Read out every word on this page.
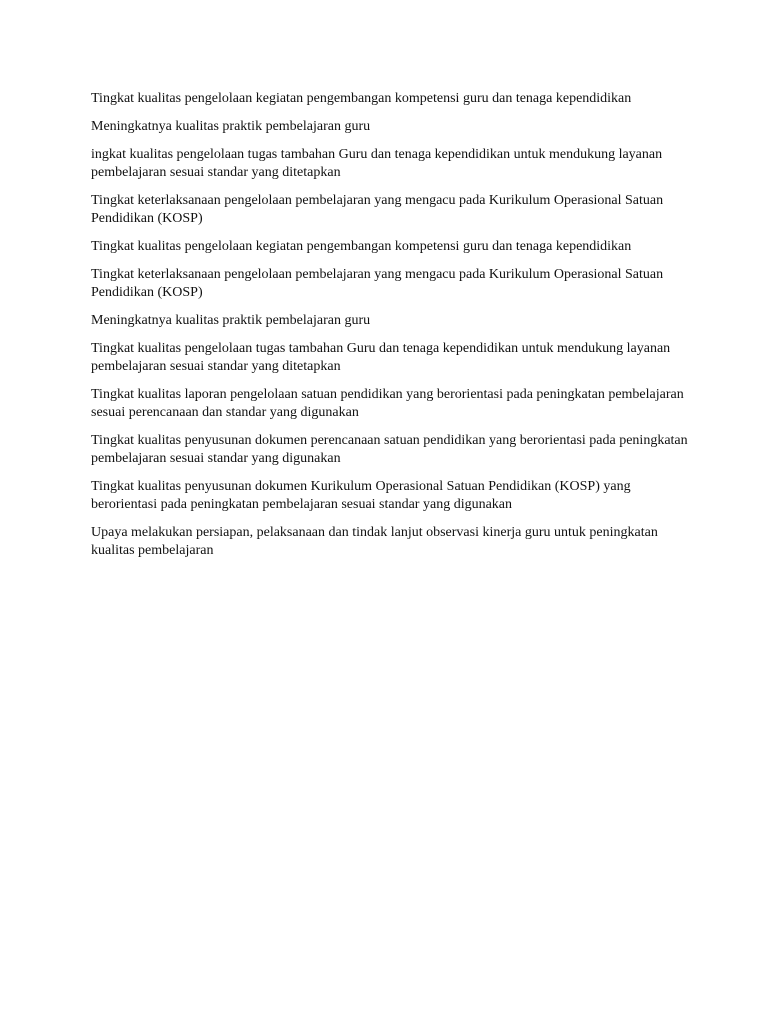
Tingkat kualitas pengelolaan kegiatan pengembangan kompetensi guru dan tenaga kependidikan

Meningkatnya kualitas praktik pembelajaran guru

ingkat kualitas pengelolaan tugas tambahan Guru dan tenaga kependidikan untuk mendukung layanan pembelajaran sesuai standar yang ditetapkan

Tingkat keterlaksanaan pengelolaan pembelajaran yang mengacu pada Kurikulum Operasional Satuan Pendidikan (KOSP)

Tingkat kualitas pengelolaan kegiatan pengembangan kompetensi guru dan tenaga kependidikan

Tingkat keterlaksanaan pengelolaan pembelajaran yang mengacu pada Kurikulum Operasional Satuan Pendidikan (KOSP)

Meningkatnya kualitas praktik pembelajaran guru

Tingkat kualitas pengelolaan tugas tambahan Guru dan tenaga kependidikan untuk mendukung layanan pembelajaran sesuai standar yang ditetapkan

Tingkat kualitas laporan pengelolaan satuan pendidikan yang berorientasi pada peningkatan pembelajaran sesuai perencanaan dan standar yang digunakan

Tingkat kualitas penyusunan dokumen perencanaan satuan pendidikan yang berorientasi pada peningkatan pembelajaran sesuai standar yang digunakan

Tingkat kualitas penyusunan dokumen Kurikulum Operasional Satuan Pendidikan (KOSP) yang berorientasi pada peningkatan pembelajaran sesuai standar yang digunakan

Upaya melakukan persiapan, pelaksanaan dan tindak lanjut observasi kinerja guru untuk peningkatan kualitas pembelajaran
